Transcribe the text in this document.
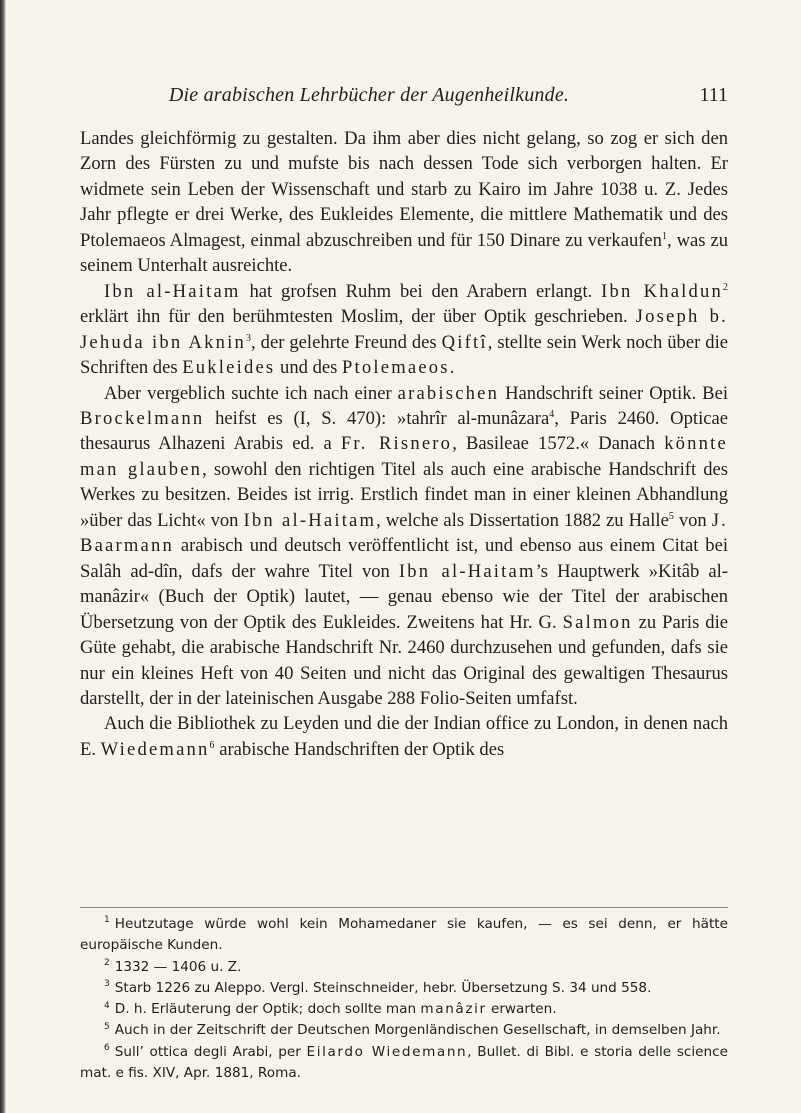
Die arabischen Lehrbücher der Augenheilkunde.	111

Landes gleichförmig zu gestalten. Da ihm aber dies nicht gelang, so zog er sich den Zorn des Fürsten zu und mufste bis nach dessen Tode sich verborgen halten. Er widmete sein Leben der Wissenschaft und starb zu Kairo im Jahre 1038 u. Z. Jedes Jahr pflegte er drei Werke, des Eukleides Elemente, die mittlere Mathematik und des Ptolemaeos Almagest, einmal abzuschreiben und für 150 Dinare zu verkaufen$^1$, was zu seinem Unterhalt ausreichte.

Ibn al-Haitam hat grofsen Ruhm bei den Arabern erlangt. Ibn Khaldun$^2$ erklärt ihn für den berühmtesten Moslim, der über Optik geschrieben. Joseph b. Jehuda ibn Aknin$^3$, der gelehrte Freund des Qiftî, stellte sein Werk noch über die Schriften des Eukleides und des Ptolemaeos.

Aber vergeblich suchte ich nach einer arabischen Handschrift seiner Optik. Bei Brockelmann heifst es (I, S. 470): »tahrîr al-munâzara$^4$, Paris 2460. Opticae thesaurus Alhazeni Arabis ed. a Fr. Risnero, Basileae 1572.« Danach könnte man glauben, sowohl den richtigen Titel als auch eine arabische Handschrift des Werkes zu besitzen. Beides ist irrig. Erstlich findet man in einer kleinen Abhandlung »über das Licht« von Ibn al-Haitam, welche als Dissertation 1882 zu Halle$^5$ von J. Baarmann arabisch und deutsch veröffentlicht ist, und ebenso aus einem Citat bei Salâh ad-dîn, dafs der wahre Titel von Ibn al-Haitam’s Hauptwerk »Kitâb al-manâzir« (Buch der Optik) lautet, — genau ebenso wie der Titel der arabischen Übersetzung von der Optik des Eukleides. Zweitens hat Hr. G. Salmon zu Paris die Güte gehabt, die arabische Handschrift Nr. 2460 durchzusehen und gefunden, dafs sie nur ein kleines Heft von 40 Seiten und nicht das Original des gewaltigen Thesaurus darstellt, der in der lateinischen Ausgabe 288 Folio-Seiten umfafst.

Auch die Bibliothek zu Leyden und die der Indian office zu London, in denen nach E. Wiedemann$^6$ arabische Handschriften der Optik des

$^1$ Heutzutage würde wohl kein Mohamedaner sie kaufen, — es sei denn, er hätte europäische Kunden.
$^2$ 1332 — 1406 u. Z.
$^3$ Starb 1226 zu Aleppo. Vergl. Steinschneider, hebr. Übersetzung S. 34 und 558.
$^4$ D. h. Erläuterung der Optik; doch sollte man manâzir erwarten.
$^5$ Auch in der Zeitschrift der Deutschen Morgenländischen Gesellschaft, in demselben Jahr.
$^6$ Sull’ ottica degli Arabi, per Eilardo Wiedemann, Bullet. di Bibl. e storia delle science mat. e fis. XIV, Apr. 1881, Roma.
